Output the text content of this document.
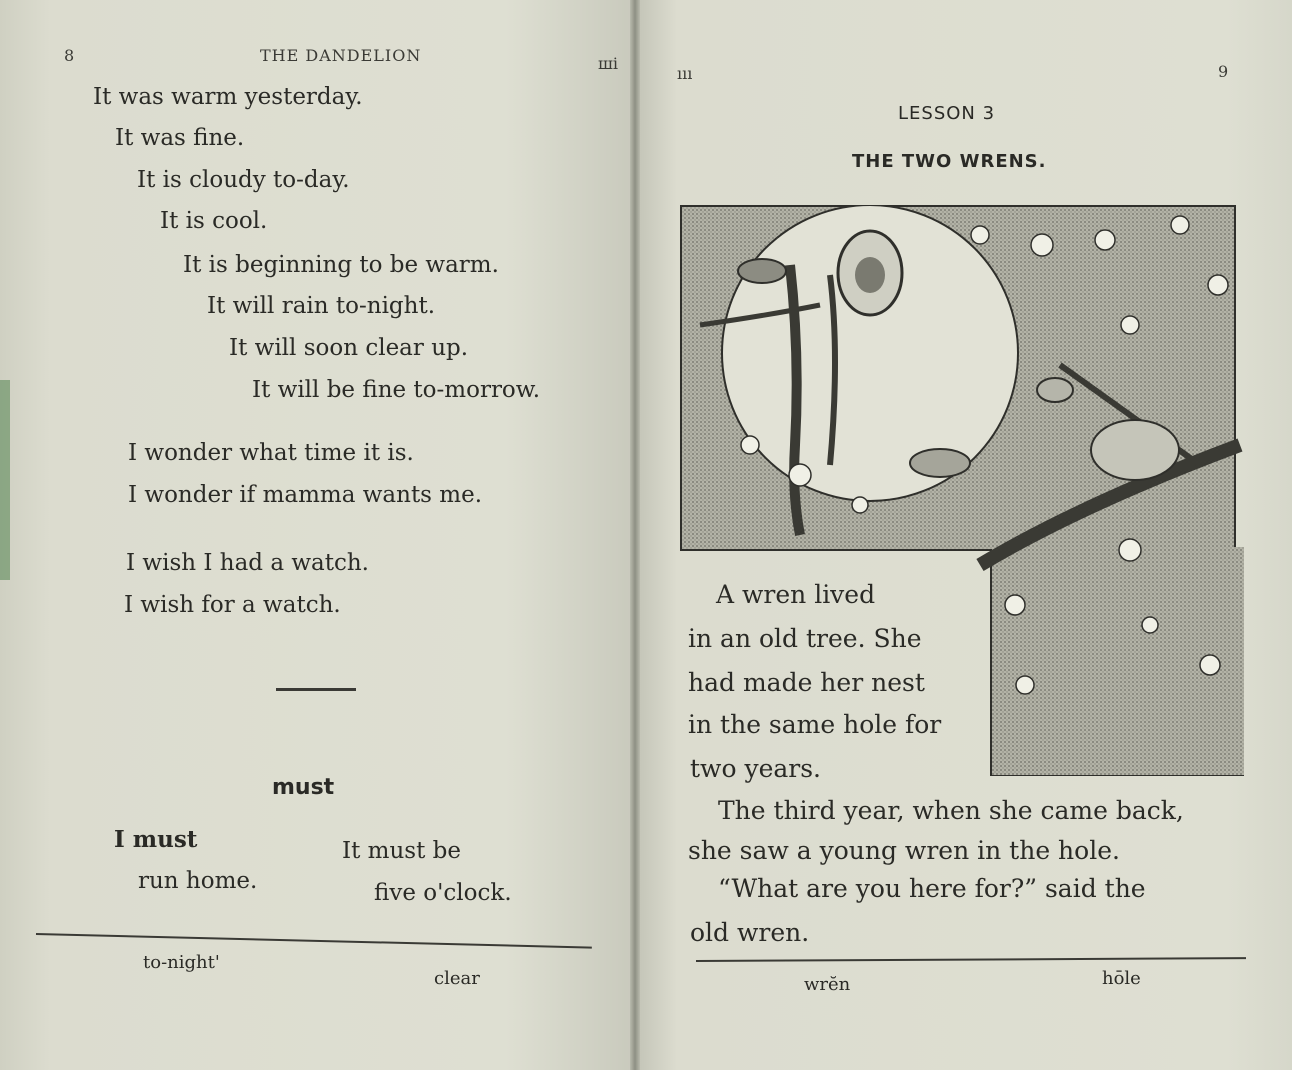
8	THE DANDELION	ші
It was warm yesterday.
It was fine.
It is cloudy to-day.
It is cool.
It is beginning to be warm.
It will rain to-night.
It will soon clear up.
It will be fine to-morrow.
I wonder what time it is.
I wonder if mamma wants me.
I wish I had a watch.
I wish for a watch.
must
I must
run home.
It must be
five o'clock.
to-night'
clear
ııı	9
LESSON 3
THE TWO WRENS.
A wren lived
in an old tree. She
had made her nest
in the same hole for
two years.
The third year, when she came back,
she saw a young wren in the hole.
“What are you here for?” said the
old wren.
wrĕn	hōle
